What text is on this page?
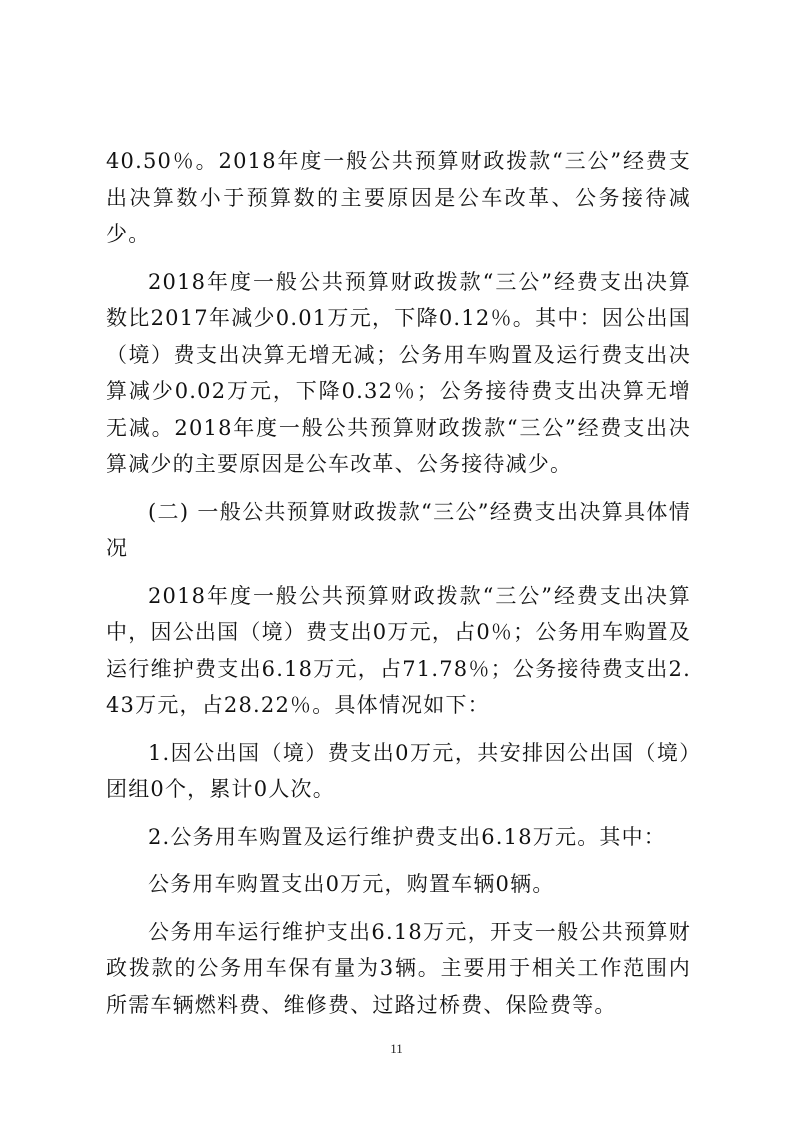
40.50％。2018年度一般公共预算财政拨款“三公”经费支出决算数小于预算数的主要原因是公车改革、公务接待减少。

2018年度一般公共预算财政拨款“三公”经费支出决算数比2017年减少0.01万元，下降0.12％。其中：因公出国（境）费支出决算无增无减；公务用车购置及运行费支出决算减少0.02万元，下降0.32％；公务接待费支出决算无增无减。2018年度一般公共预算财政拨款“三公”经费支出决算减少的主要原因是公车改革、公务接待减少。

(二) 一般公共预算财政拨款“三公”经费支出决算具体情况

2018年度一般公共预算财政拨款“三公”经费支出决算中，因公出国（境）费支出0万元，占0％；公务用车购置及运行维护费支出6.18万元，占71.78％；公务接待费支出2.43万元，占28.22％。具体情况如下：

1.因公出国（境）费支出0万元，共安排因公出国（境）团组0个，累计0人次。

2.公务用车购置及运行维护费支出6.18万元。其中：

公务用车购置支出0万元，购置车辆0辆。

公务用车运行维护支出6.18万元，开支一般公共预算财政拨款的公务用车保有量为3辆。主要用于相关工作范围内所需车辆燃料费、维修费、过路过桥费、保险费等。

11
